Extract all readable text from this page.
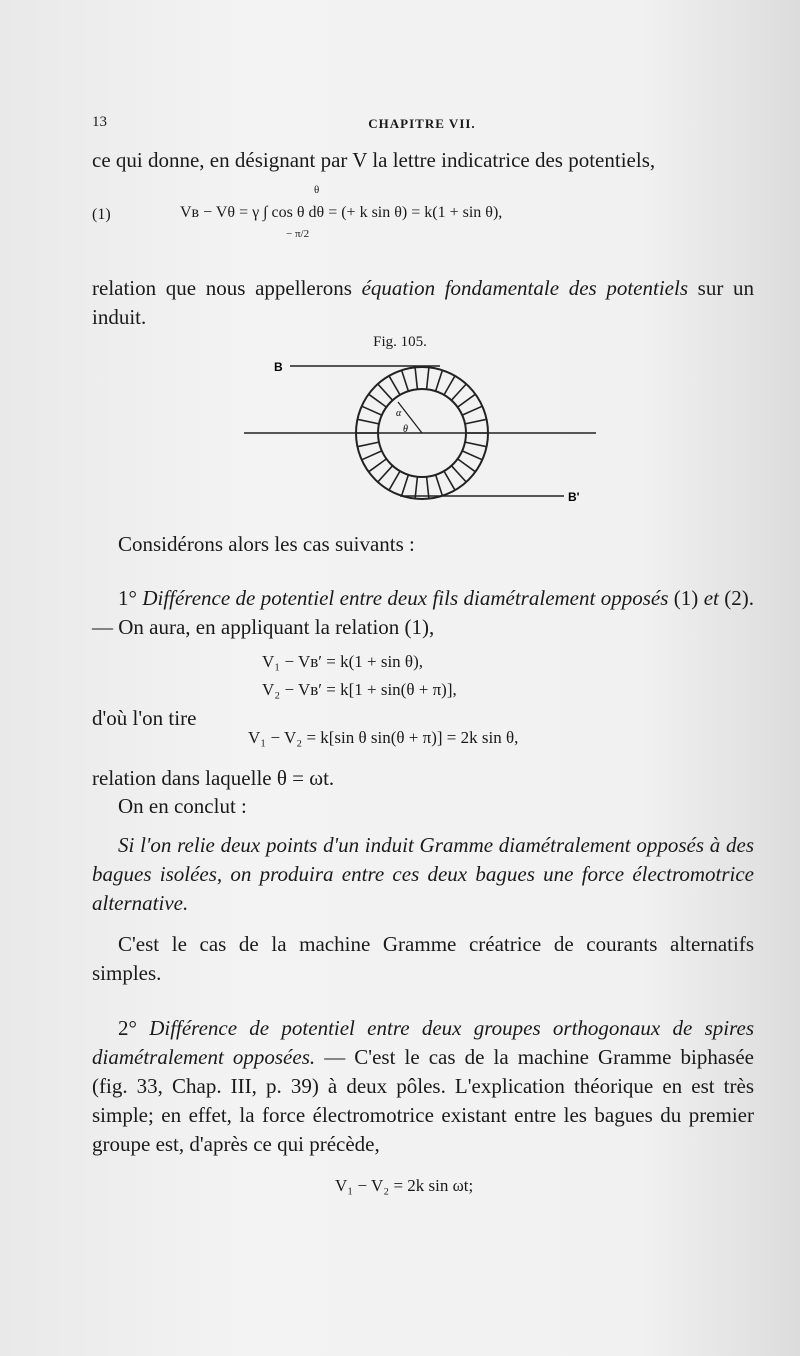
13	CHAPITRE VII.
ce qui donne, en désignant par V la lettre indicatrice des potentiels,
(1)	Vʙ − Vθ = γ ∫ cos θ dθ = (+ k sin θ) = k(1 + sin θ),
θ
− π/2
relation que nous appellerons équation fondamentale des potentiels sur un induit.
Fig. 105.
B
B'
α
θ
Considérons alors les cas suivants :
1° Différence de potentiel entre deux fils diamétralement opposés (1) et (2). — On aura, en appliquant la relation (1),
V₁ − Vʙ′ = k(1 + sin θ),
V₂ − Vʙ′ = k[1 + sin(θ + π)],
d'où l'on tire
V₁ − V₂ = k[sin θ sin(θ + π)] = 2k sin θ,
relation dans laquelle θ = ωt.
On en conclut :
Si l'on relie deux points d'un induit Gramme diamétralement opposés à des bagues isolées, on produira entre ces deux bagues une force électromotrice alternative.
C'est le cas de la machine Gramme créatrice de courants alternatifs simples.
2° Différence de potentiel entre deux groupes orthogonaux de spires diamétralement opposées. — C'est le cas de la machine Gramme biphasée (fig. 33, Chap. III, p. 39) à deux pôles. L'explication théorique en est très simple; en effet, la force électromotrice existant entre les bagues du premier groupe est, d'après ce qui précède,
V₁ − V₂ = 2k sin ωt;
